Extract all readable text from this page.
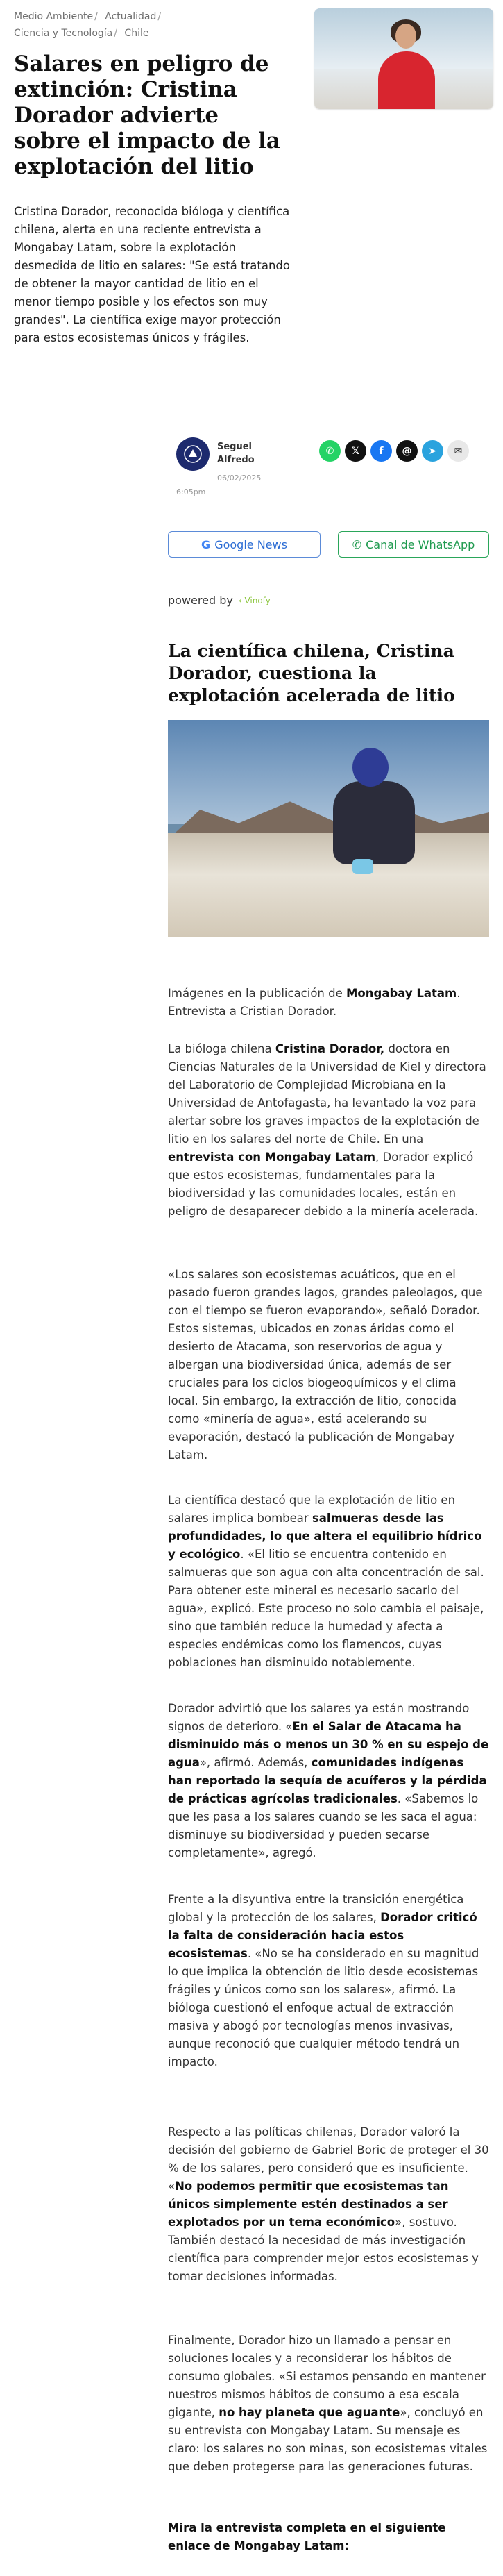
Medio Ambiente / Actualidad /
Ciencia y Tecnología / Chile
Salares en peligro de extinción: Cristina Dorador advierte sobre el impacto de la explotación del litio

Cristina Dorador, reconocida bióloga y científica chilena, alerta en una reciente entrevista a Mongabay Latam, sobre la explotación desmedida de litio en salares: "Se está tratando de obtener la mayor cantidad de litio en el menor tiempo posible y los efectos son muy grandes". La científica exige mayor protección para estos ecosistemas únicos y frágiles.

Seguel Alfredo
06/02/2025
6:05pm
✆	𝕏	f	@	➤	✉
G Google News	✆ Canal de WhatsApp
powered by ‹ Vinofy
La científica chilena, Cristina Dorador, cuestiona la explotación acelerada de litio

Imágenes en la publicación de Mongabay Latam. Entrevista a Cristian Dorador.

La bióloga chilena Cristina Dorador, doctora en Ciencias Naturales de la Universidad de Kiel y directora del Laboratorio de Complejidad Microbiana en la Universidad de Antofagasta, ha levantado la voz para alertar sobre los graves impactos de la explotación de litio en los salares del norte de Chile. En una entrevista con Mongabay Latam, Dorador explicó que estos ecosistemas, fundamentales para la biodiversidad y las comunidades locales, están en peligro de desaparecer debido a la minería acelerada.

«Los salares son ecosistemas acuáticos, que en el pasado fueron grandes lagos, grandes paleolagos, que con el tiempo se fueron evaporando», señaló Dorador. Estos sistemas, ubicados en zonas áridas como el desierto de Atacama, son reservorios de agua y albergan una biodiversidad única, además de ser cruciales para los ciclos biogeoquímicos y el clima local. Sin embargo, la extracción de litio, conocida como «minería de agua», está acelerando su evaporación, destacó la publicación de Mongabay Latam.

La científica destacó que la explotación de litio en salares implica bombear salmueras desde las profundidades, lo que altera el equilibrio hídrico y ecológico. «El litio se encuentra contenido en salmueras que son agua con alta concentración de sal. Para obtener este mineral es necesario sacarlo del agua», explicó. Este proceso no solo cambia el paisaje, sino que también reduce la humedad y afecta a especies endémicas como los flamencos, cuyas poblaciones han disminuido notablemente.

Dorador advirtió que los salares ya están mostrando signos de deterioro. «En el Salar de Atacama ha disminuido más o menos un 30 % en su espejo de agua», afirmó. Además, comunidades indígenas han reportado la sequía de acuíferos y la pérdida de prácticas agrícolas tradicionales. «Sabemos lo que les pasa a los salares cuando se les saca el agua: disminuye su biodiversidad y pueden secarse completamente», agregó.

Frente a la disyuntiva entre la transición energética global y la protección de los salares, Dorador criticó la falta de consideración hacia estos ecosistemas. «No se ha considerado en su magnitud lo que implica la obtención de litio desde ecosistemas frágiles y únicos como son los salares», afirmó. La bióloga cuestionó el enfoque actual de extracción masiva y abogó por tecnologías menos invasivas, aunque reconoció que cualquier método tendrá un impacto.

Respecto a las políticas chilenas, Dorador valoró la decisión del gobierno de Gabriel Boric de proteger el 30 % de los salares, pero consideró que es insuficiente. «No podemos permitir que ecosistemas tan únicos simplemente estén destinados a ser explotados por un tema económico», sostuvo. También destacó la necesidad de más investigación científica para comprender mejor estos ecosistemas y tomar decisiones informadas.

Finalmente, Dorador hizo un llamado a pensar en soluciones locales y a reconsiderar los hábitos de consumo globales. «Si estamos pensando en mantener nuestros mismos hábitos de consumo a esa escala gigante, no hay planeta que aguante», concluyó en su entrevista con Mongabay Latam. Su mensaje es claro: los salares no son minas, son ecosistemas vitales que deben protegerse para las generaciones futuras.

Mira la entrevista completa en el siguiente enlace de Mongabay Latam:
